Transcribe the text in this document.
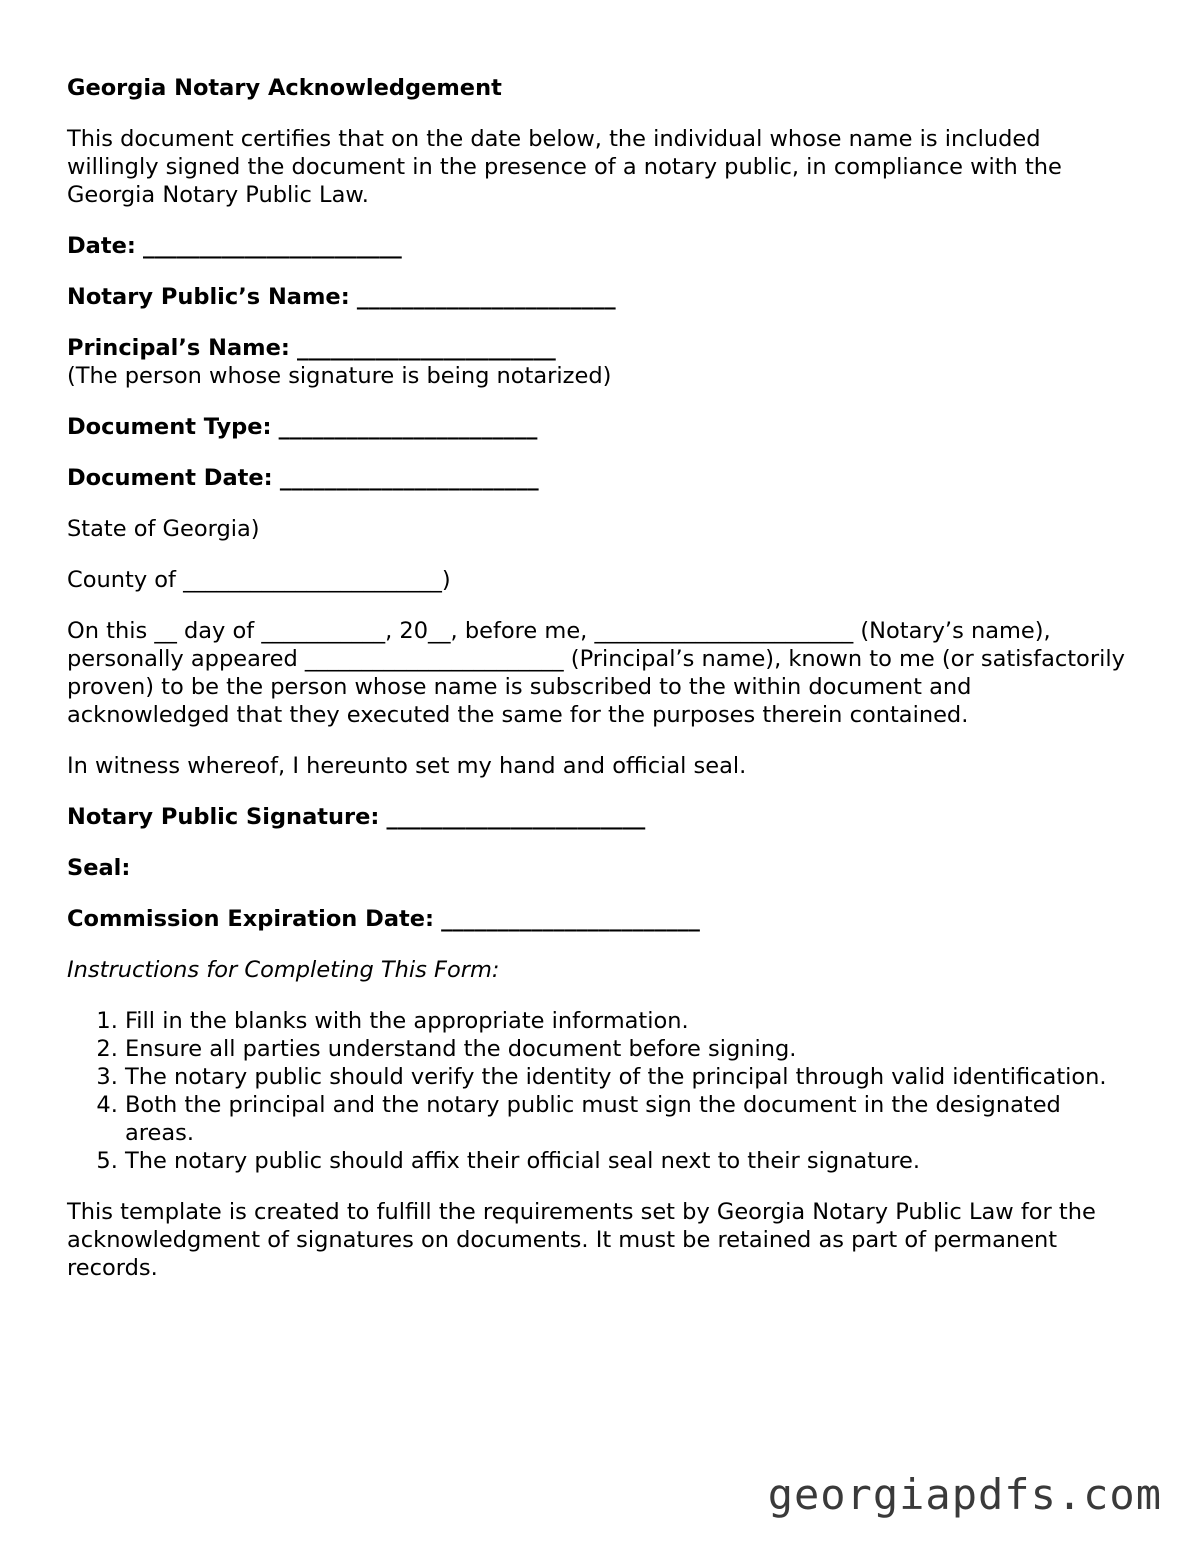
Georgia Notary Acknowledgement
This document certifies that on the date below, the individual whose name is included willingly signed the document in the presence of a notary public, in compliance with the Georgia Notary Public Law.
Date: _______________________
Notary Public’s Name: _______________________
Principal’s Name: _______________________
(The person whose signature is being notarized)
Document Type: _______________________
Document Date: _______________________
State of Georgia)
County of _______________________)
On this __ day of ___________, 20__, before me, _______________________ (Notary’s name), personally appeared _______________________ (Principal’s name), known to me (or satisfactorily proven) to be the person whose name is subscribed to the within document and acknowledged that they executed the same for the purposes therein contained.
In witness whereof, I hereunto set my hand and official seal.
Notary Public Signature: _______________________
Seal:
Commission Expiration Date: _______________________
Instructions for Completing This Form:
1. Fill in the blanks with the appropriate information.
2. Ensure all parties understand the document before signing.
3. The notary public should verify the identity of the principal through valid identification.
4. Both the principal and the notary public must sign the document in the designated areas.
5. The notary public should affix their official seal next to their signature.
This template is created to fulfill the requirements set by Georgia Notary Public Law for the acknowledgment of signatures on documents. It must be retained as part of permanent records.
georgiapdfs.com
